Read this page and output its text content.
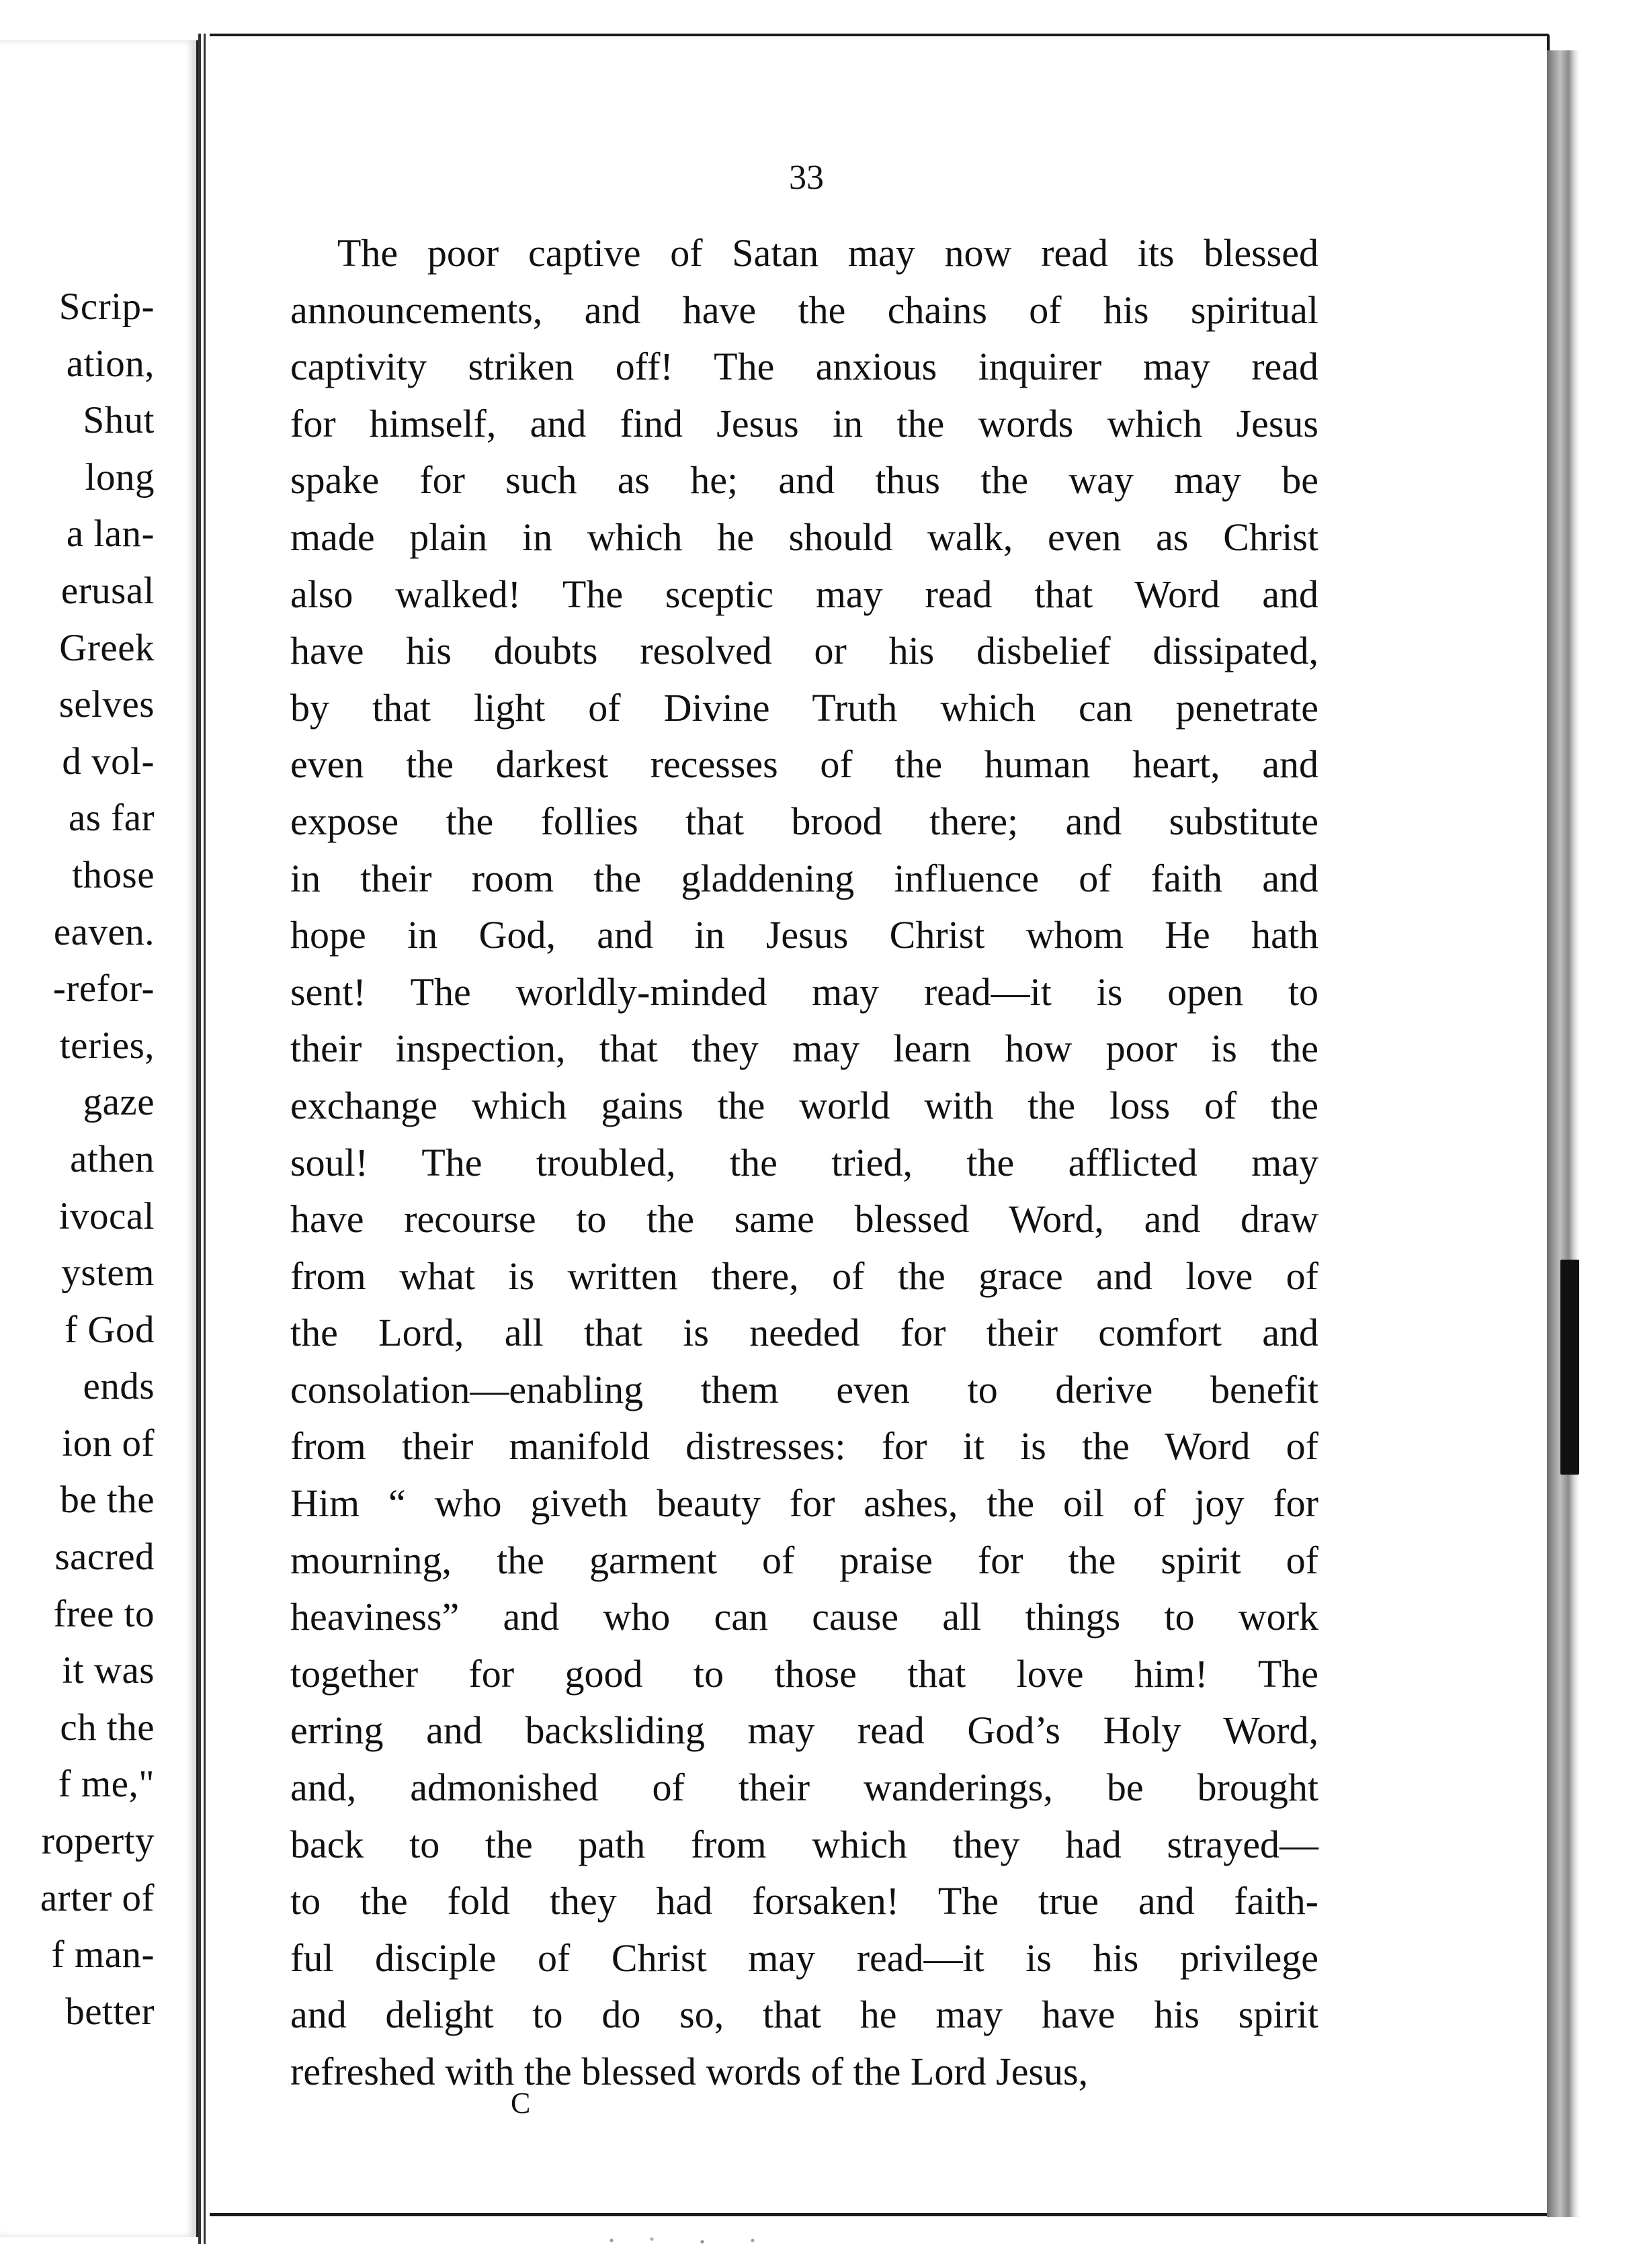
Scrip-
ation,
Shut
long
a lan-
erusal
Greek
selves
d vol-
as far
those
eaven.
-refor-
teries,
gaze
athen
ivocal
ystem
f God
ends
ion of
be the
sacred
free to
it was
ch the
f me,"
roperty
arter of
f man-
better
33
The poor captive of Satan may now read its blessed
announcements, and have the chains of his spiritual
captivity striken off! The anxious inquirer may read
for himself, and find Jesus in the words which Jesus
spake for such as he; and thus the way may be
made plain in which he should walk, even as Christ
also walked! The sceptic may read that Word and
have his doubts resolved or his disbelief dissipated,
by that light of Divine Truth which can penetrate
even the darkest recesses of the human heart, and
expose the follies that brood there; and substitute
in their room the gladdening influence of faith and
hope in God, and in Jesus Christ whom He hath
sent! The worldly-minded may read—it is open to
their inspection, that they may learn how poor is the
exchange which gains the world with the loss of the
soul! The troubled, the tried, the afflicted may
have recourse to the same blessed Word, and draw
from what is written there, of the grace and love of
the Lord, all that is needed for their comfort and
consolation—enabling them even to derive benefit
from their manifold distresses: for it is the Word of
Him “ who giveth beauty for ashes, the oil of joy for
mourning, the garment of praise for the spirit of
heaviness” and who can cause all things to work
together for good to those that love him! The
erring and backsliding may read God’s Holy Word,
and, admonished of their wanderings, be brought
back to the path from which they had strayed—
to the fold they had forsaken! The true and faith-
ful disciple of Christ may read—it is his privilege
and delight to do so, that he may have his spirit
refreshed with the blessed words of the Lord Jesus,
C
